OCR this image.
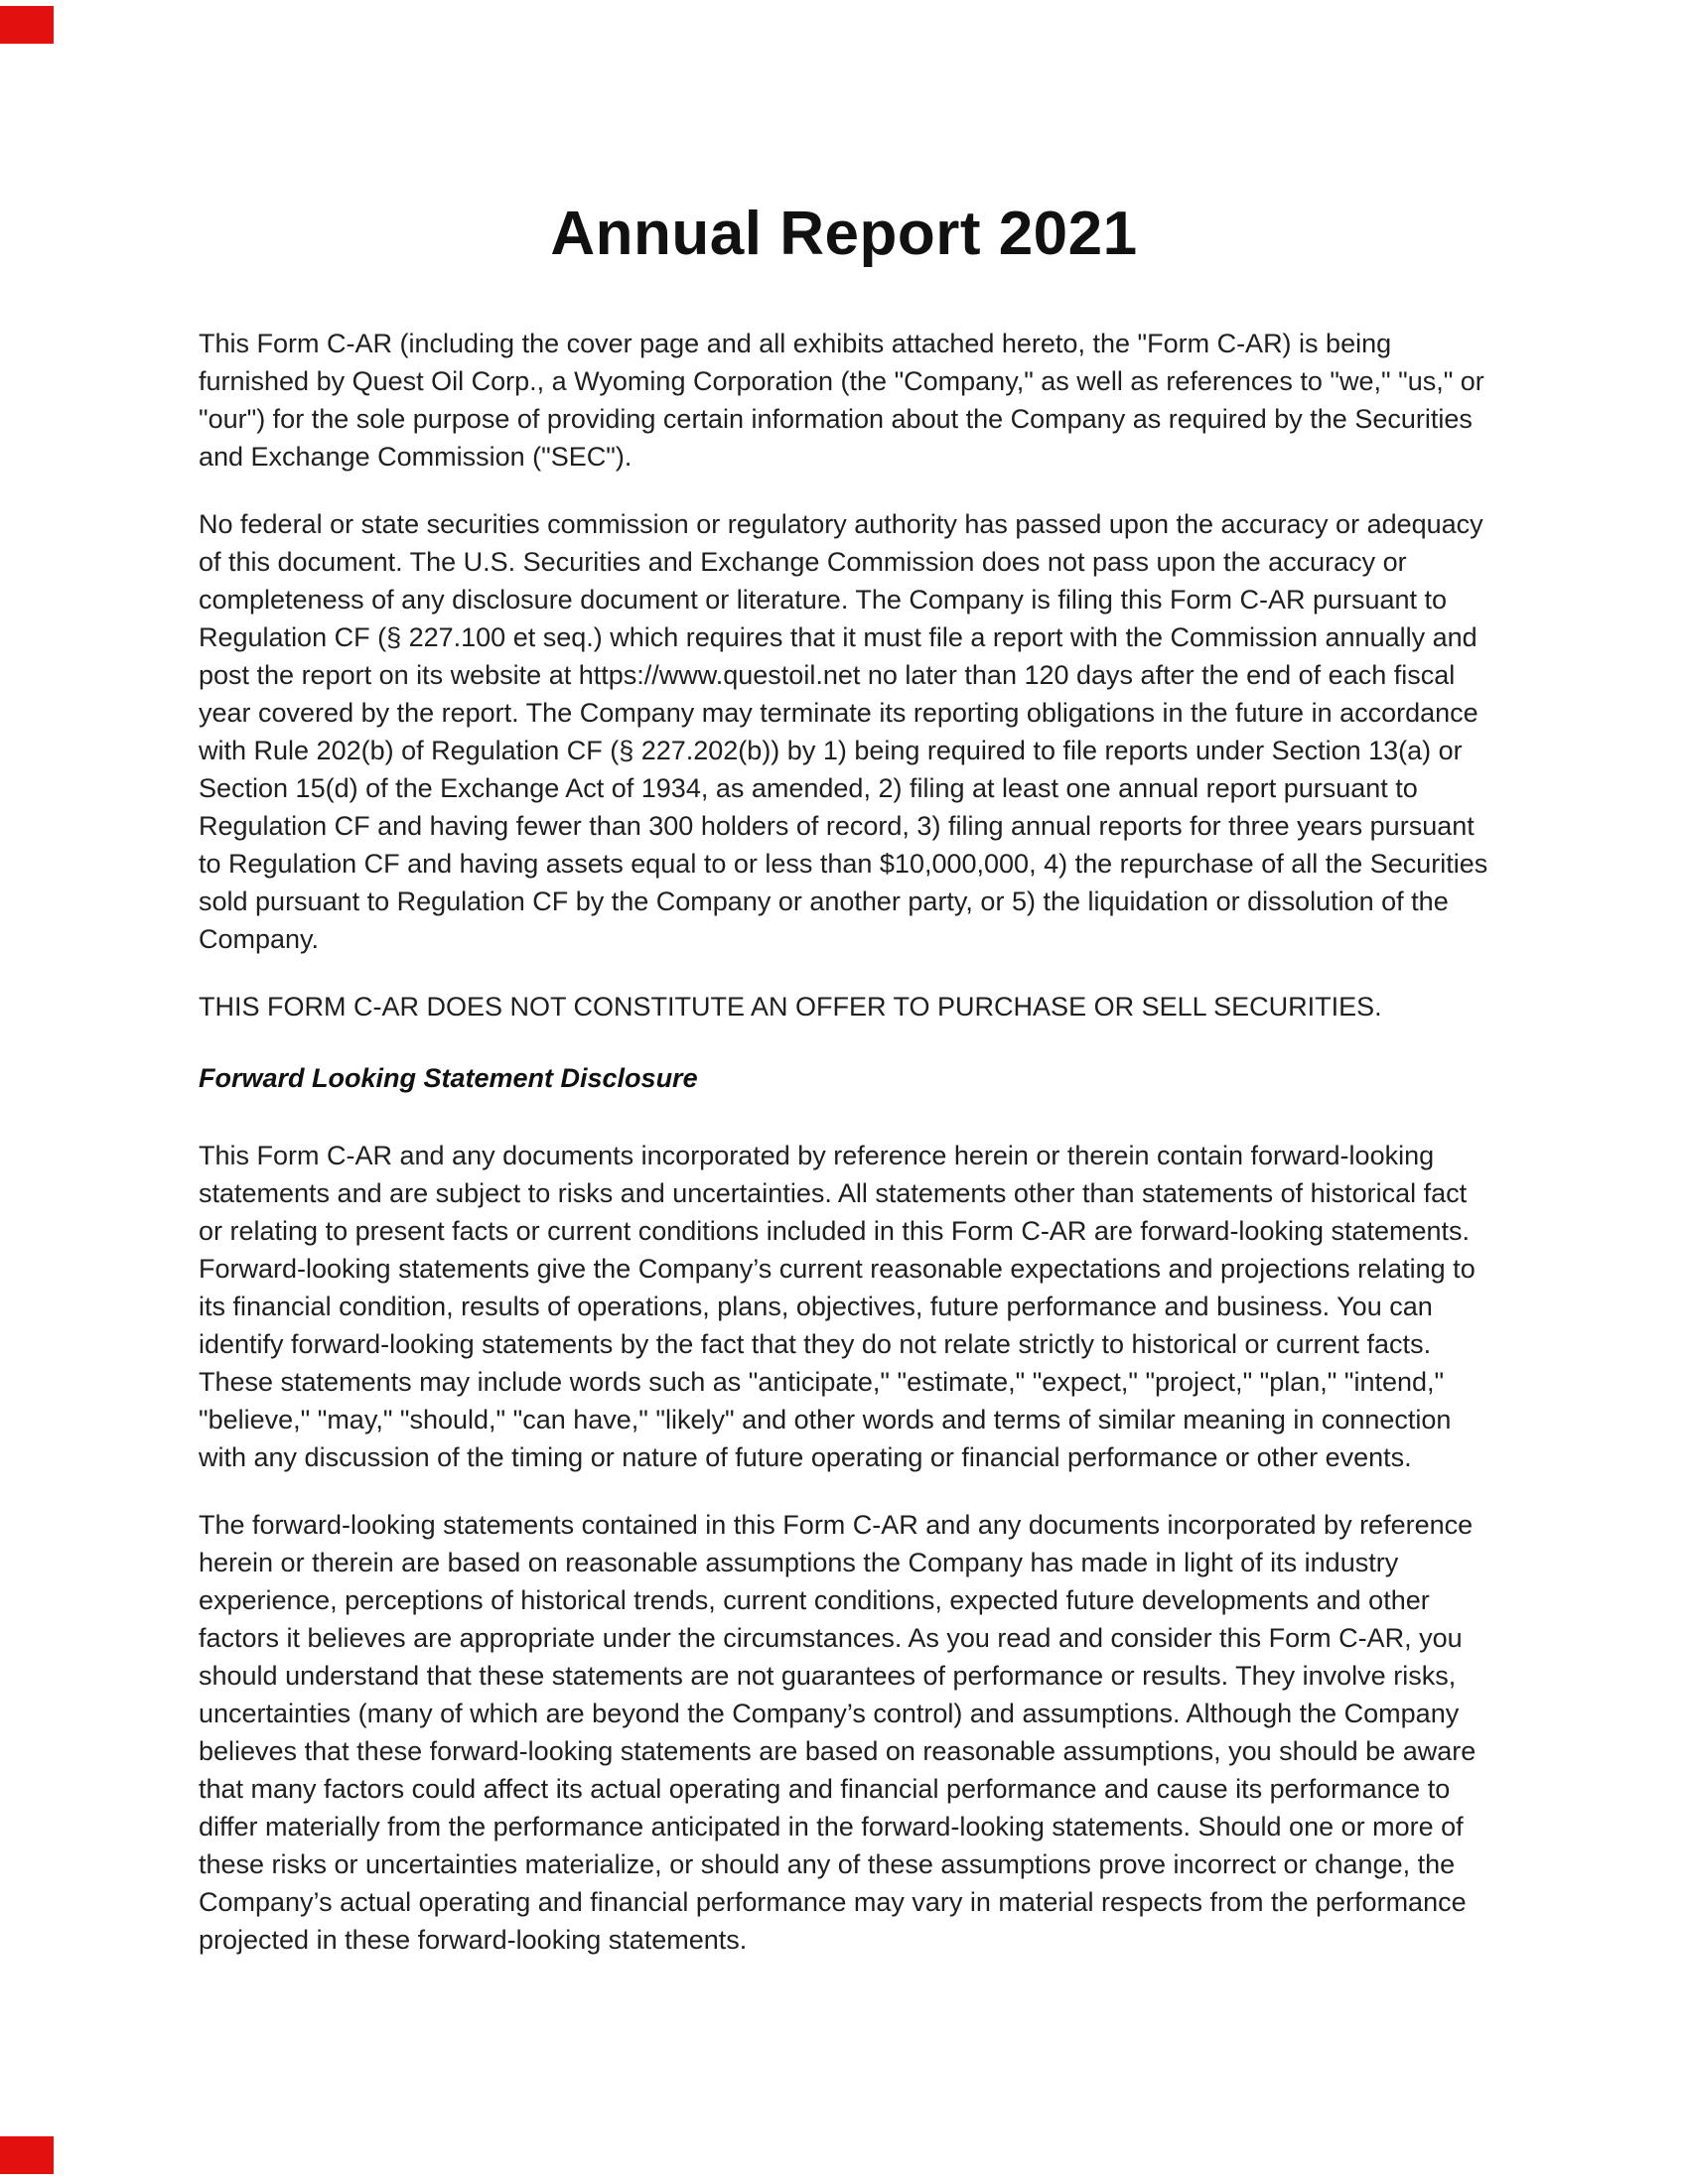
Annual Report 2021

This Form C-AR (including the cover page and all exhibits attached hereto, the "Form C-AR) is being furnished by Quest Oil Corp., a Wyoming Corporation (the "Company," as well as references to "we," "us," or "our") for the sole purpose of providing certain information about the Company as required by the Securities and Exchange Commission ("SEC").

No federal or state securities commission or regulatory authority has passed upon the accuracy or adequacy of this document. The U.S. Securities and Exchange Commission does not pass upon the accuracy or completeness of any disclosure document or literature. The Company is filing this Form C-AR pursuant to Regulation CF (§ 227.100 et seq.) which requires that it must file a report with the Commission annually and post the report on its website at https://www.questoil.net no later than 120 days after the end of each fiscal year covered by the report. The Company may terminate its reporting obligations in the future in accordance with Rule 202(b) of Regulation CF (§ 227.202(b)) by 1) being required to file reports under Section 13(a) or Section 15(d) of the Exchange Act of 1934, as amended, 2) filing at least one annual report pursuant to Regulation CF and having fewer than 300 holders of record, 3) filing annual reports for three years pursuant to Regulation CF and having assets equal to or less than $10,000,000, 4) the repurchase of all the Securities sold pursuant to Regulation CF by the Company or another party, or 5) the liquidation or dissolution of the Company.

THIS FORM C-AR DOES NOT CONSTITUTE AN OFFER TO PURCHASE OR SELL SECURITIES.

Forward Looking Statement Disclosure

This Form C-AR and any documents incorporated by reference herein or therein contain forward-looking statements and are subject to risks and uncertainties. All statements other than statements of historical fact or relating to present facts or current conditions included in this Form C-AR are forward-looking statements. Forward-looking statements give the Company’s current reasonable expectations and projections relating to its financial condition, results of operations, plans, objectives, future performance and business. You can identify forward-looking statements by the fact that they do not relate strictly to historical or current facts. These statements may include words such as "anticipate," "estimate," "expect," "project," "plan," "intend," "believe," "may," "should," "can have," "likely" and other words and terms of similar meaning in connection with any discussion of the timing or nature of future operating or financial performance or other events.

The forward-looking statements contained in this Form C-AR and any documents incorporated by reference herein or therein are based on reasonable assumptions the Company has made in light of its industry experience, perceptions of historical trends, current conditions, expected future developments and other factors it believes are appropriate under the circumstances. As you read and consider this Form C-AR, you should understand that these statements are not guarantees of performance or results. They involve risks, uncertainties (many of which are beyond the Company’s control) and assumptions. Although the Company believes that these forward-looking statements are based on reasonable assumptions, you should be aware that many factors could affect its actual operating and financial performance and cause its performance to differ materially from the performance anticipated in the forward-looking statements. Should one or more of these risks or uncertainties materialize, or should any of these assumptions prove incorrect or change, the Company’s actual operating and financial performance may vary in material respects from the performance projected in these forward-looking statements.
